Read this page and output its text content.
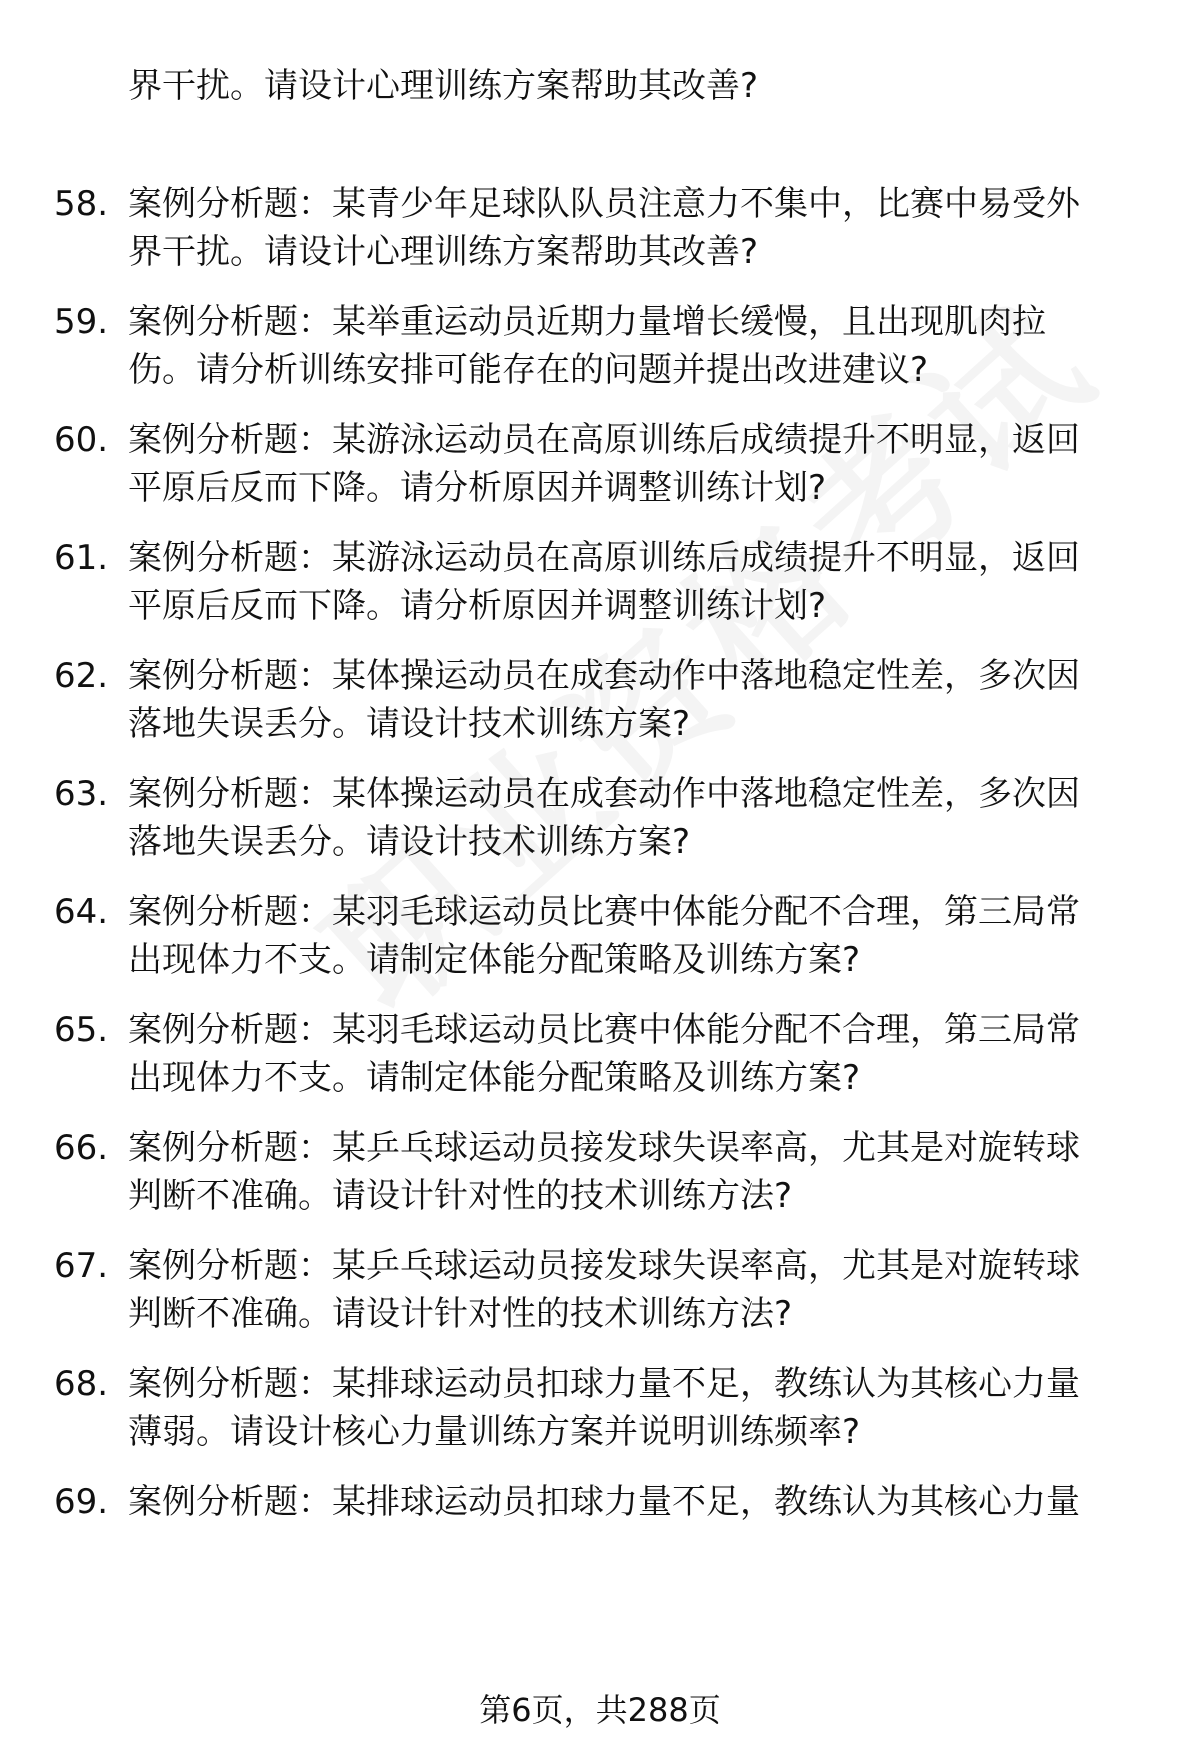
界干扰。请设计心理训练方案帮助其改善?
58. 案例分析题：某青少年足球队队员注意力不集中，比赛中易受外
界干扰。请设计心理训练方案帮助其改善?
59. 案例分析题：某举重运动员近期力量增长缓慢，且出现肌肉拉
伤。请分析训练安排可能存在的问题并提出改进建议?
60. 案例分析题：某游泳运动员在高原训练后成绩提升不明显，返回
平原后反而下降。请分析原因并调整训练计划?
61. 案例分析题：某游泳运动员在高原训练后成绩提升不明显，返回
平原后反而下降。请分析原因并调整训练计划?
62. 案例分析题：某体操运动员在成套动作中落地稳定性差，多次因
落地失误丢分。请设计技术训练方案?
63. 案例分析题：某体操运动员在成套动作中落地稳定性差，多次因
落地失误丢分。请设计技术训练方案?
64. 案例分析题：某羽毛球运动员比赛中体能分配不合理，第三局常
出现体力不支。请制定体能分配策略及训练方案?
65. 案例分析题：某羽毛球运动员比赛中体能分配不合理，第三局常
出现体力不支。请制定体能分配策略及训练方案?
66. 案例分析题：某乒乓球运动员接发球失误率高，尤其是对旋转球
判断不准确。请设计针对性的技术训练方法?
67. 案例分析题：某乒乓球运动员接发球失误率高，尤其是对旋转球
判断不准确。请设计针对性的技术训练方法?
68. 案例分析题：某排球运动员扣球力量不足，教练认为其核心力量
薄弱。请设计核心力量训练方案并说明训练频率?
69. 案例分析题：某排球运动员扣球力量不足，教练认为其核心力量
第6页，共288页
